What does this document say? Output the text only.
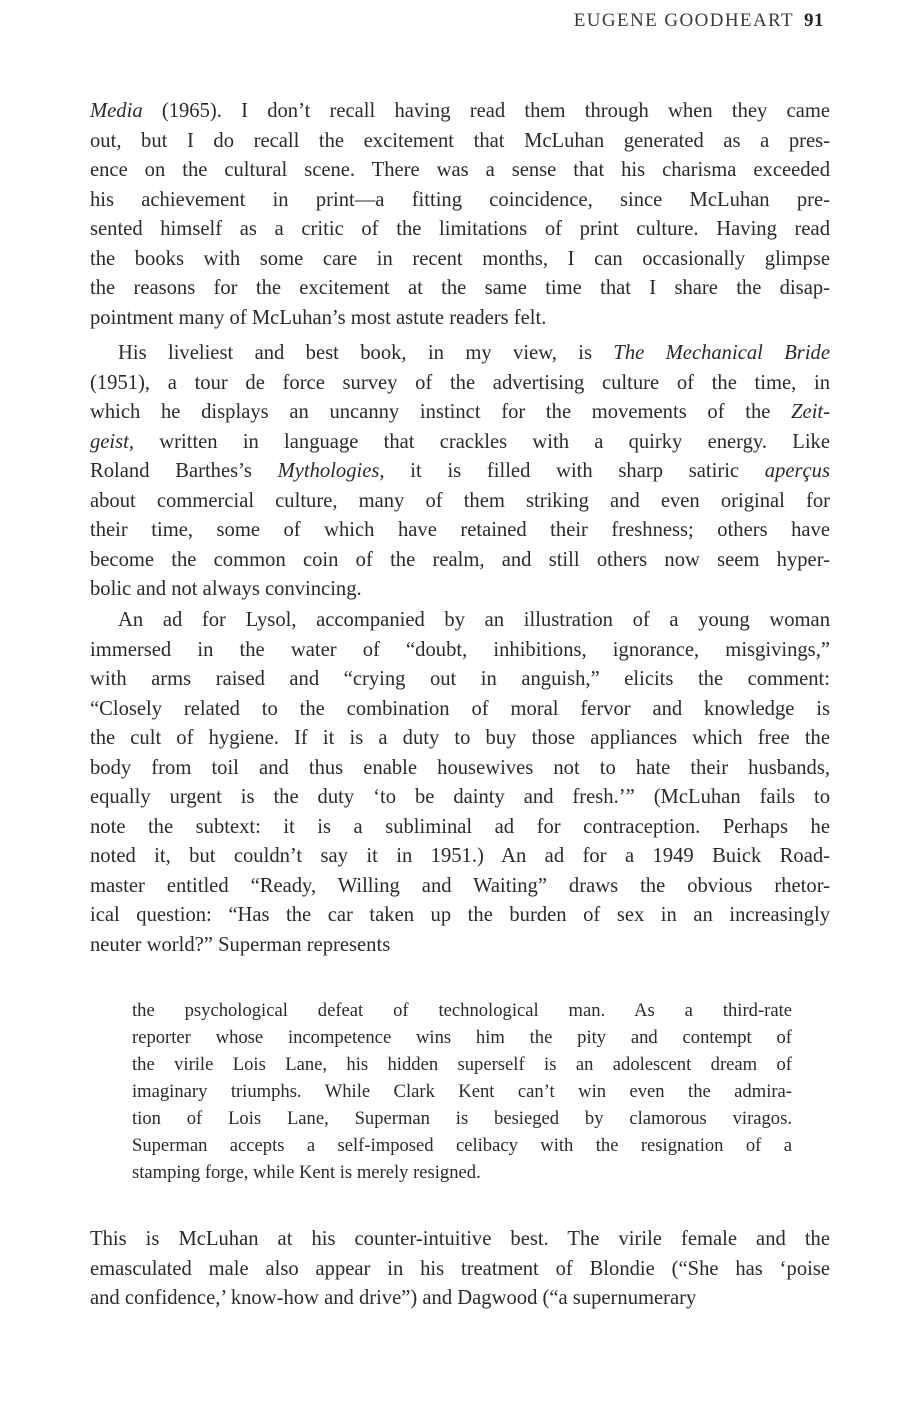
EUGENE GOODHEART 91
Media (1965). I don’t recall having read them through when they came
out, but I do recall the excitement that McLuhan generated as a pres-
ence on the cultural scene. There was a sense that his charisma exceeded
his achievement in print—a fitting coincidence, since McLuhan pre-
sented himself as a critic of the limitations of print culture. Having read
the books with some care in recent months, I can occasionally glimpse
the reasons for the excitement at the same time that I share the disap-
pointment many of McLuhan’s most astute readers felt.
His liveliest and best book, in my view, is The Mechanical Bride
(1951), a tour de force survey of the advertising culture of the time, in
which he displays an uncanny instinct for the movements of the Zeit-
geist, written in language that crackles with a quirky energy. Like
Roland Barthes’s Mythologies, it is filled with sharp satiric aperçus
about commercial culture, many of them striking and even original for
their time, some of which have retained their freshness; others have
become the common coin of the realm, and still others now seem hyper-
bolic and not always convincing.
An ad for Lysol, accompanied by an illustration of a young woman
immersed in the water of “doubt, inhibitions, ignorance, misgivings,”
with arms raised and “crying out in anguish,” elicits the comment:
“Closely related to the combination of moral fervor and knowledge is
the cult of hygiene. If it is a duty to buy those appliances which free the
body from toil and thus enable housewives not to hate their husbands,
equally urgent is the duty ‘to be dainty and fresh.’” (McLuhan fails to
note the subtext: it is a subliminal ad for contraception. Perhaps he
noted it, but couldn’t say it in 1951.) An ad for a 1949 Buick Road-
master entitled “Ready, Willing and Waiting” draws the obvious rhetor-
ical question: “Has the car taken up the burden of sex in an increasingly
neuter world?” Superman represents
the psychological defeat of technological man. As a third-rate
reporter whose incompetence wins him the pity and contempt of
the virile Lois Lane, his hidden superself is an adolescent dream of
imaginary triumphs. While Clark Kent can’t win even the admira-
tion of Lois Lane, Superman is besieged by clamorous viragos.
Superman accepts a self-imposed celibacy with the resignation of a
stamping forge, while Kent is merely resigned.
This is McLuhan at his counter-intuitive best. The virile female and the
emasculated male also appear in his treatment of Blondie (“She has ‘poise
and confidence,’ know-how and drive”) and Dagwood (“a supernumerary
